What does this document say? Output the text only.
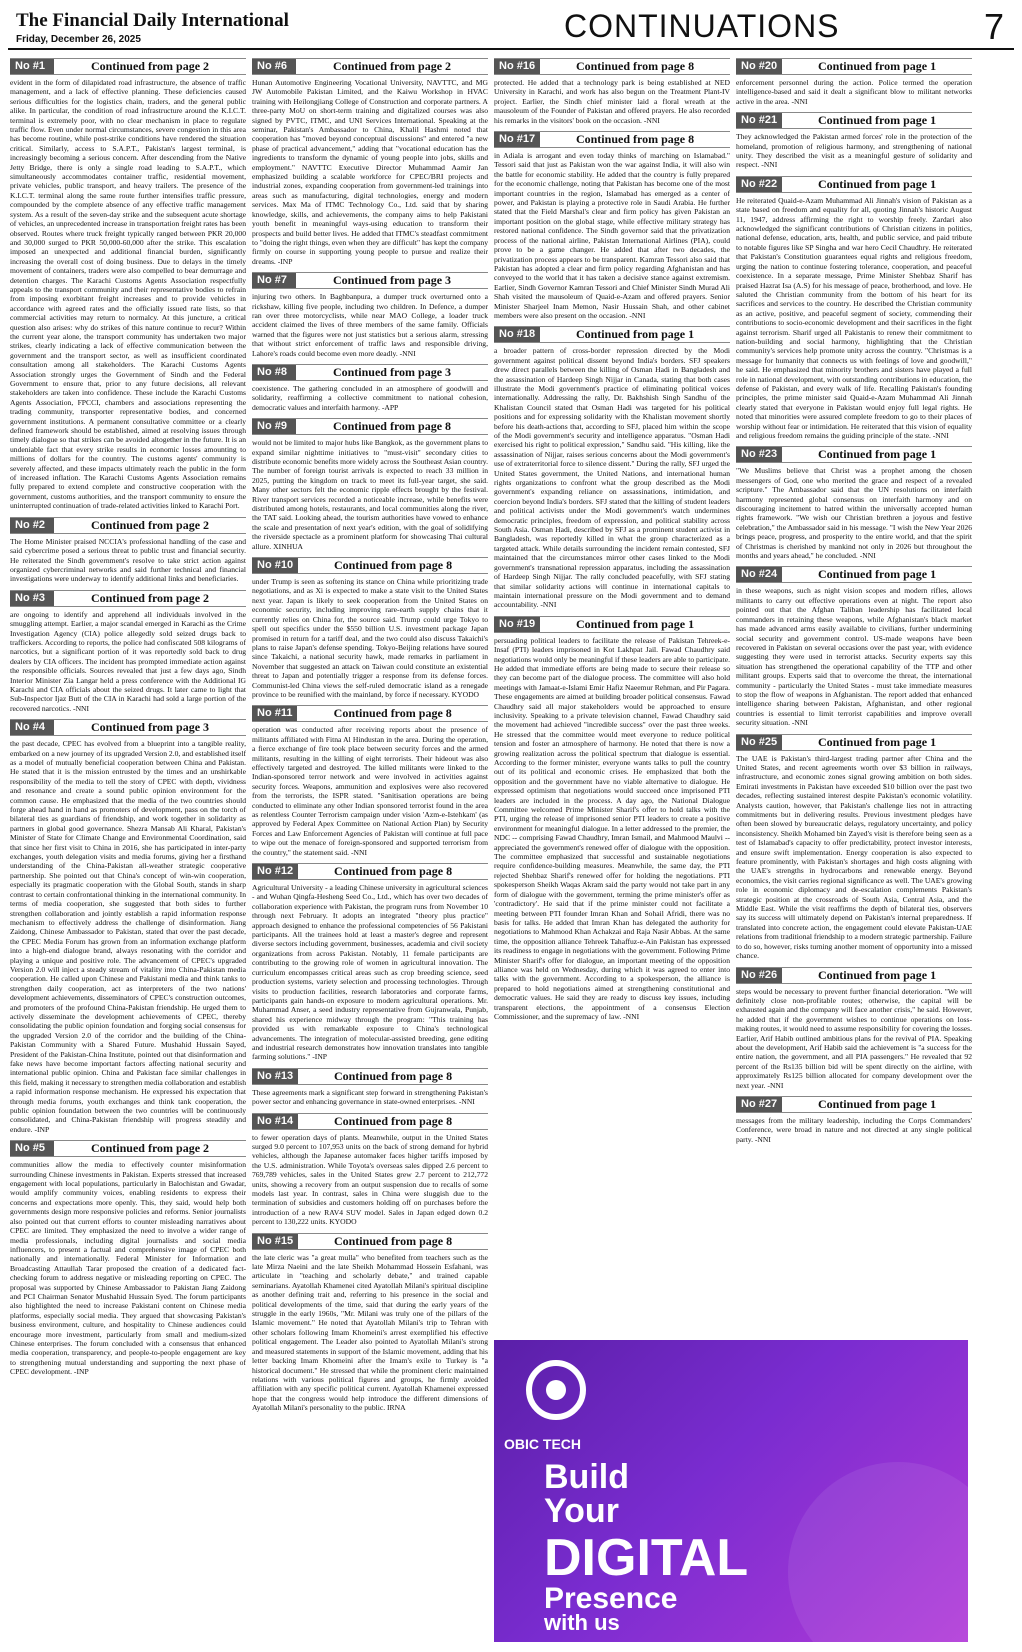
The Financial Daily International
Friday, December 26, 2025	CONTINUATIONS	7
No #1	Continued from page 2

evident in the form of dilapidated road infrastructure, the absence of traffic management, and a lack of effective planning. These deficiencies caused serious difficulties for the logistics chain, traders, and the general public alike. In particular, the condition of road infrastructure around the K.I.C.T. terminal is extremely poor, with no clear mechanism in place to regulate traffic flow. Even under normal circumstances, severe congestion in this area has become routine, while post-strike conditions have rendered the situation critical. Similarly, access to S.A.P.T., Pakistan's largest terminal, is increasingly becoming a serious concern. After descending from the Native Jetty Bridge, there is only a single road leading to S.A.P.T., which simultaneously accommodates container traffic, residential movement, private vehicles, public transport, and heavy trailers. The presence of the K.I.C.T. terminal along the same route further intensifies traffic pressure, compounded by the complete absence of any effective traffic management system. As a result of the seven-day strike and the subsequent acute shortage of vehicles, an unprecedented increase in transportation freight rates has been observed. Routes where truck freight typically ranged between PKR 20,000 and 30,000 surged to PKR 50,000-60,000 after the strike. This escalation imposed an unexpected and additional financial burden, significantly increasing the overall cost of doing business. Due to delays in the timely movement of containers, traders were also compelled to bear demurrage and detention charges. The Karachi Customs Agents Association respectfully appeals to the transport community and their representative bodies to refrain from imposing exorbitant freight increases and to provide vehicles in accordance with agreed rates and the officially issued rate lists, so that commercial activities may return to normalcy. At this juncture, a critical question also arises: why do strikes of this nature continue to recur? Within the current year alone, the transport community has undertaken two major strikes, clearly indicating a lack of effective communication between the government and the transport sector, as well as insufficient coordinated consultation among all stakeholders. The Karachi Customs Agents Association strongly urges the Government of Sindh and the Federal Government to ensure that, prior to any future decisions, all relevant stakeholders are taken into confidence. These include the Karachi Customs Agents Association, FPCCI, chambers and associations representing the trading community, transporter representative bodies, and concerned government institutions. A permanent consultative committee or a clearly defined framework should be established, aimed at resolving issues through timely dialogue so that strikes can be avoided altogether in the future. It is an undeniable fact that every strike results in economic losses amounting to millions of dollars for the country. The customs agents' community is severely affected, and these impacts ultimately reach the public in the form of increased inflation. The Karachi Customs Agents Association remains fully prepared to extend complete and constructive cooperation with the government, customs authorities, and the transport community to ensure the uninterrupted continuation of trade-related activities linked to Karachi Port.

No #2	Continued from page 2

The Home Minister praised NCCIA's professional handling of the case and said cybercrime posed a serious threat to public trust and financial security. He reiterated the Sindh government's resolve to take strict action against organized cybercriminal networks and said further technical and financial investigations were underway to identify additional links and beneficiaries.

No #3	Continued from page 2

are ongoing to identify and apprehend all individuals involved in the smuggling attempt. Earlier, a major scandal emerged in Karachi as the Crime Investigation Agency (CIA) police allegedly sold seized drugs back to traffickers. According to reports, the police had confiscated 508 kilograms of narcotics, but a significant portion of it was reportedly sold back to drug dealers by CIA officers. The incident has prompted immediate action against the responsible officials. Sources revealed that just a few days ago, Sindh Interior Minister Zia Langar held a press conference with the Additional IG Karachi and CIA officials about the seized drugs. It later came to light that Sub-Inspector Ijaz Butt of the CIA in Karachi had sold a large portion of the recovered narcotics. -NNI

No #4	Continued from page 3

the past decade, CPEC has evolved from a blueprint into a tangible reality, embarked on a new journey of its upgraded Version 2.0, and established itself as a model of mutually beneficial cooperation between China and Pakistan. He stated that it is the mission entrusted by the times and an unshirkable responsibility of the media to tell the story of CPEC with depth, vividness and resonance and create a sound public opinion environment for the common cause. He emphasized that the media of the two countries should forge ahead hand in hand as promoters of development, pass on the torch of bilateral ties as guardians of friendship, and work together in solidarity as partners in global good governance. Shezra Mansab Ali Kharal, Pakistan's Minister of State for Climate Change and Environmental Coordination, said that since her first visit to China in 2016, she has participated in inter-party exchanges, youth delegation visits and media forums, giving her a firsthand understanding of the China-Pakistan all-weather strategic cooperative partnership. She pointed out that China's concept of win-win cooperation, especially its pragmatic cooperation with the Global South, stands in sharp contrast to certain confrontational thinking in the international community. In terms of media cooperation, she suggested that both sides to further strengthen collaboration and jointly establish a rapid information response mechanism to effectively address the challenge of disinformation. Jiang Zaidong, Chinese Ambassador to Pakistan, stated that over the past decade, the CPEC Media Forum has grown from an information exchange platform into a high-end dialogue brand, always resonating with the corridor and playing a unique and positive role. The advancement of CPEC's upgraded Version 2.0 will inject a steady stream of vitality into China-Pakistan media cooperation. He called upon Chinese and Pakistani media and think tanks to strengthen daily cooperation, act as interpreters of the two nations' development achievements, disseminators of CPEC's construction outcomes, and promoters of the profound China-Pakistan friendship. He urged them to actively disseminate the development achievements of CPEC, thereby consolidating the public opinion foundation and forging social consensus for the upgraded Version 2.0 of the corridor and the building of the China-Pakistan Community with a Shared Future. Mushahid Hussain Sayed, President of the Pakistan-China Institute, pointed out that disinformation and fake news have become important factors affecting national security and international public opinion. China and Pakistan face similar challenges in this field, making it necessary to strengthen media collaboration and establish a rapid information response mechanism. He expressed his expectation that through media forums, youth exchanges and think tank cooperation, the public opinion foundation between the two countries will be continuously consolidated, and China-Pakistan friendship will progress steadily and endure. -INP

No #5	Continued from page 2

communities allow the media to effectively counter misinformation surrounding Chinese investments in Pakistan. Experts stressed that increased engagement with local populations, particularly in Balochistan and Gwadar, would amplify community voices, enabling residents to express their concerns and expectations more openly. This, they said, would help both governments design more responsive policies and reforms. Senior journalists also pointed out that current efforts to counter misleading narratives about CPEC are limited. They emphasized the need to involve a wider range of media professionals, including digital journalists and social media influencers, to present a factual and comprehensive image of CPEC both nationally and internationally. Federal Minister for Information and Broadcasting Attaullah Tarar proposed the creation of a dedicated fact-checking forum to address negative or misleading reporting on CPEC. The proposal was supported by Chinese Ambassador to Pakistan Jiang Zaidong and PCI Chairman Senator Mushahid Hussain Syed. The forum participants also highlighted the need to increase Pakistani content on Chinese media platforms, especially social media. They argued that showcasing Pakistan's business environment, culture, and hospitality to Chinese audiences could encourage more investment, particularly from small and medium-sized Chinese enterprises. The forum concluded with a consensus that enhanced media cooperation, transparency, and people-to-people engagement are key to strengthening mutual understanding and supporting the next phase of CPEC development. -INP

No #6	Continued from page 2

Hunan Automotive Engineering Vocational University, NAVTTC, and MG JW Automobile Pakistan Limited, and the Kaiwu Workshop in HVAC training with Heilongjiang College of Construction and corporate partners. A three-party MoU on short-term training and digitalized courses was also signed by PVTC, ITMC, and UNI Services International. Speaking at the seminar, Pakistan's Ambassador to China, Khalil Hashmi noted that cooperation has "moved beyond conceptual discussions" and entered "a new phase of practical advancement," adding that "vocational education has the ingredients to transform the dynamic of young people into jobs, skills and employment." NAVTTC Executive Director Muhammad Aamir Jan emphasized building a scalable workforce for CPEC/BRI projects and industrial zones, expanding cooperation from government-led trainings into areas such as manufacturing, digital technologies, energy and modern services. Max Ma of ITMC Technology Co., Ltd. said that by sharing knowledge, skills, and achievements, the company aims to help Pakistani youth benefit in meaningful ways-using education to transform their prospects and build better lives. He added that ITMC's steadfast commitment to "doing the right things, even when they are difficult" has kept the company firmly on course in supporting young people to pursue and realize their dreams. -INP

No #7	Continued from page 3

injuring two others. In Baghbanpura, a dumper truck overturned onto a rickshaw, killing five people, including two children. In Defence, a dumper ran over three motorcyclists, while near MAO College, a loader truck accident claimed the lives of three members of the same family. Officials warned that the figures were not just statistics but a serious alarm, stressing that without strict enforcement of traffic laws and responsible driving, Lahore's roads could become even more deadly. -NNI

No #8	Continued from page 3

coexistence. The gathering concluded in an atmosphere of goodwill and solidarity, reaffirming a collective commitment to national cohesion, democratic values and interfaith harmony. -APP

No #9	Continued from page 8

would not be limited to major hubs like Bangkok, as the government plans to expand similar nighttime initiatives to "must-visit" secondary cities to distribute economic benefits more widely across the Southeast Asian country. The number of foreign tourist arrivals is expected to reach 33 million in 2025, putting the kingdom on track to meet its full-year target, she said. Many other sectors felt the economic ripple effects brought by the festival. River transport services recorded a noticeable increase, while benefits were distributed among hotels, restaurants, and local communities along the river, the TAT said. Looking ahead, the tourism authorities have vowed to enhance the scale and presentation of next year's edition, with the goal of solidifying the riverside spectacle as a prominent platform for showcasing Thai cultural allure. XINHUA

No #10	Continued from page 8

under Trump is seen as softening its stance on China while prioritizing trade negotiations, and as Xi is expected to make a state visit to the United States next year. Japan is likely to seek cooperation from the United States on economic security, including improving rare-earth supply chains that it currently relies on China for, the source said. Trump could urge Tokyo to spell out specifics under the $550 billion U.S. investment package Japan promised in return for a tariff deal, and the two could also discuss Takaichi's plans to raise Japan's defense spending. Tokyo-Beijing relations have soured since Takaichi, a national security hawk, made remarks in parliament in November that suggested an attack on Taiwan could constitute an existential threat to Japan and potentially trigger a response from its defense forces. Communist-led China views the self-ruled democratic island as a renegade province to be reunified with the mainland, by force if necessary. KYODO

No #11	Continued from page 8

operation was conducted after receiving reports about the presence of militants affiliated with Fitna Al Hindustan in the area. During the operation, a fierce exchange of fire took place between security forces and the armed militants, resulting in the killing of eight terrorists. Their hideout was also effectively targeted and destroyed. The killed militants were linked to the Indian-sponsored terror network and were involved in activities against security forces. Weapons, ammunition and explosives were also recovered from the terrorists, the ISPR stated. "Sanitisation operations are being conducted to eliminate any other Indian sponsored terrorist found in the area as relentless Counter Terrorism campaign under vision 'Azm-e-Istehkam' (as approved by Federal Apex Committee on National Action Plan) by Security Forces and Law Enforcement Agencies of Pakistan will continue at full pace to wipe out the menace of foreign-sponsored and supported terrorism from the country," the statement said. -NNI

No #12	Continued from page 8

Agricultural University - a leading Chinese university in agricultural sciences - and Wuhan Qingfa-Hesheng Seed Co., Ltd., which has over two decades of collaboration experience with Pakistan, the program runs from November 10 through next February. It adopts an integrated "theory plus practice" approach designed to enhance the professional competencies of 56 Pakistani participants. All the trainees hold at least a master's degree and represent diverse sectors including government, businesses, academia and civil society organizations from across Pakistan. Notably, 11 female participants are contributing to the growing role of women in agricultural innovation. The curriculum encompasses critical areas such as crop breeding science, seed production systems, variety selection and processing technologies. Through visits to production facilities, research laboratories and corporate farms, participants gain hands-on exposure to modern agricultural operations. Mr. Muhammad Anser, a seed industry representative from Gujranwala, Punjab, shared his experience midway through the program: "This training has provided us with remarkable exposure to China's technological advancements. The integration of molecular-assisted breeding, gene editing and industrial research demonstrates how innovation translates into tangible farming solutions." -INP

No #13	Continued from page 8

These agreements mark a significant step forward in strengthening Pakistan's power sector and enhancing governance in state-owned enterprises. -NNI

No #14	Continued from page 8

to fewer operation days of plants. Meanwhile, output in the United States surged 9.0 percent to 107,953 units on the back of strong demand for hybrid vehicles, although the Japanese automaker faces higher tariffs imposed by the U.S. administration. While Toyota's overseas sales dipped 2.6 percent to 769,789 vehicles, sales in the United States grew 2.7 percent to 212,772 units, showing a recovery from an output suspension due to recalls of some models last year. In contrast, sales in China were sluggish due to the termination of subsidies and customers holding off on purchases before the introduction of a new RAV4 SUV model. Sales in Japan edged down 0.2 percent to 130,222 units. KYODO

No #15	Continued from page 8

the late cleric was "a great mulla" who benefited from teachers such as the late Mirza Naeini and the late Sheikh Mohammad Hossein Esfahani, was articulate in "teaching and scholarly debate," and trained capable seminarians. Ayatollah Khamenei cited Ayatollah Milani's spiritual discipline as another defining trait and, referring to his presence in the social and political developments of the time, said that during the early years of the struggle in the early 1960s, "Mr. Milani was truly one of the pillars of the Islamic movement." He noted that Ayatollah Milani's trip to Tehran with other scholars following Imam Khomeini's arrest exemplified his effective political engagement. The Leader also pointed to Ayatollah Milani's strong and measured statements in support of the Islamic movement, adding that his letter backing Imam Khomeini after the Imam's exile to Turkey is "a historical document." He stressed that while the prominent cleric maintained relations with various political figures and groups, he firmly avoided affiliation with any specific political current. Ayatollah Khamenei expressed hope that the congress would help introduce the different dimensions of Ayatollah Milani's personality to the public. IRNA

No #16	Continued from page 8

protected. He added that a technology park is being established at NED University in Karachi, and work has also begun on the Treatment Plant-IV project. Earlier, the Sindh chief minister laid a floral wreath at the mausoleum of the Founder of Pakistan and offered prayers. He also recorded his remarks in the visitors' book on the occasion. -NNI

No #17	Continued from page 8

in Adiala is arrogant and even today thinks of marching on Islamabad." Tessori said that just as Pakistan won the war against India, it will also win the battle for economic stability. He added that the country is fully prepared for the economic challenge, noting that Pakistan has become one of the most important countries in the region, Islamabad has emerged as a center of power, and Pakistan is playing a protective role in Saudi Arabia. He further stated that the Field Marshal's clear and firm policy has given Pakistan an important position on the global stage, while effective military strategy has restored national confidence. The Sindh governor said that the privatization process of the national airline, Pakistan International Airlines (PIA), could prove to be a game changer. He added that after two decades, the privatization process appears to be transparent. Kamran Tessori also said that Pakistan has adopted a clear and firm policy regarding Afghanistan and has conveyed to the world that it has taken a decisive stance against extremism. Earlier, Sindh Governor Kamran Tessori and Chief Minister Sindh Murad Ali Shah visited the mausoleum of Quaid-e-Azam and offered prayers. Senior Minister Sharjeel Inam Memon, Nasir Hussain Shah, and other cabinet members were also present on the occasion. -NNI

No #18	Continued from page 1

a broader pattern of cross-border repression directed by the Modi government against political dissent beyond India's borders. SFJ speakers drew direct parallels between the killing of Osman Hadi in Bangladesh and the assassination of Hardeep Singh Nijjar in Canada, stating that both cases illustrate the Modi government's practice of eliminating political voices internationally. Addressing the rally, Dr. Bakhshish Singh Sandhu of the Khalistan Council stated that Osman Hadi was targeted for his political positions and for expressing solidarity with the Khalistan movement shortly before his death-actions that, according to SFJ, placed him within the scope of the Modi government's security and intelligence apparatus. "Osman Hadi exercised his right to political expression," Sandhu said. "His killing, like the assassination of Nijjar, raises serious concerns about the Modi government's use of extraterritorial force to silence dissent." During the rally, SFJ urged the United States government, the United Nations, and international human rights organizations to confront what the group described as the Modi government's expanding reliance on assassinations, intimidation, and coercion beyond India's borders. SFJ stated that the killing of student leaders and political activists under the Modi government's watch undermines democratic principles, freedom of expression, and political stability across South Asia. Osman Hadi, described by SFJ as a prominent student activist in Bangladesh, was reportedly killed in what the group characterized as a targeted attack. While details surrounding the incident remain contested, SFJ maintained that the circumstances mirror other cases linked to the Modi government's transnational repression apparatus, including the assassination of Hardeep Singh Nijjar. The rally concluded peacefully, with SFJ stating that similar solidarity actions will continue in international capitals to maintain international pressure on the Modi government and to demand accountability. -NNI

No #19	Continued from page 1

persuading political leaders to facilitate the release of Pakistan Tehreek-e-Insaf (PTI) leaders imprisoned in Kot Lakhpat Jail. Fawad Chaudhry said negotiations would only be meaningful if these leaders are able to participate. He added that immediate efforts are being made to secure their release so they can become part of the dialogue process. The committee will also hold meetings with Jamaat-e-Islami Emir Hafiz Naeemur Rehman, and Pir Pagara. These engagements are aimed at building broader political consensus. Fawad Chaudhry said all major stakeholders would be approached to ensure inclusivity. Speaking to a private television channel, Fawad Chaudhry said the movement had achieved "incredible success" over the past three weeks. He stressed that the committee would meet everyone to reduce political tension and foster an atmosphere of harmony. He noted that there is now a growing realization across the political spectrum that dialogue is essential. According to the former minister, everyone wants talks to pull the country out of its political and economic crises. He emphasized that both the opposition and the government have no viable alternative to dialogue. He expressed optimism that negotiations would succeed once imprisoned PTI leaders are included in the process. A day ago, the National Dialogue Committee welcomed Prime Minister Sharif's offer to hold talks with the PTI, urging the release of imprisoned senior PTI leaders to create a positive environment for meaningful dialogue. In a letter addressed to the premier, the NDC -- comprising Fawad Chaudhry, Imran Ismail, and Mahmood Maulvi -- appreciated the government's renewed offer of dialogue with the opposition. The committee emphasized that successful and sustainable negotiations require confidence-building measures. Meanwhile, the same day, the PTI rejected Shehbaz Sharif's renewed offer for holding the negotiations. PTI spokesperson Sheikh Waqas Akram said the party would not take part in any form of dialogue with the government, terming the prime minister's offer as 'contradictory'. He said that if the prime minister could not facilitate a meeting between PTI founder Imran Khan and Sohail Afridi, there was no basis for talks. He added that Imran Khan has delegated the authority for negotiations to Mahmood Khan Achakzai and Raja Nasir Abbas. At the same time, the opposition alliance Tehreek Tahaffuz-e-Ain Pakistan has expressed its readiness to engage in negotiations with the government. Following Prime Minister Sharif's offer for dialogue, an important meeting of the opposition alliance was held on Wednesday, during which it was agreed to enter into talks with the government. According to a spokesperson, the alliance is prepared to hold negotiations aimed at strengthening constitutional and democratic values. He said they are ready to discuss key issues, including transparent elections, the appointment of a consensus Election Commissioner, and the supremacy of law. -NNI

No #20	Continued from page 1

enforcement personnel during the action. Police termed the operation intelligence-based and said it dealt a significant blow to militant networks active in the area. -NNI

No #21	Continued from page 1

They acknowledged the Pakistan armed forces' role in the protection of the homeland, promotion of religious harmony, and strengthening of national unity. They described the visit as a meaningful gesture of solidarity and respect. -NNI

No #22	Continued from page 1

He reiterated Quaid-e-Azam Muhammad Ali Jinnah's vision of Pakistan as a state based on freedom and equality for all, quoting Jinnah's historic August 11, 1947, address affirming the right to worship freely. Zardari also acknowledged the significant contributions of Christian citizens in politics, national defense, education, arts, health, and public service, and paid tribute to notable figures like SP Singha and war hero Cecil Chaudhry. He reiterated that Pakistan's Constitution guarantees equal rights and religious freedom, urging the nation to continue fostering tolerance, cooperation, and peaceful coexistence. In a separate message, Prime Minister Shehbaz Sharif has praised Hazrat Isa (A.S) for his message of peace, brotherhood, and love. He saluted the Christian community from the bottom of his heart for its sacrifices and services to the country. He described the Christian community as an active, positive, and peaceful segment of society, commending their contributions to socio-economic development and their sacrifices in the fight against terrorism. Sharif urged all Pakistanis to renew their commitment to nation-building and social harmony, highlighting that the Christian community's services help promote unity across the country. "Christmas is a message for humanity that connects us with feelings of love and goodwill," he said. He emphasized that minority brothers and sisters have played a full role in national development, with outstanding contributions in education, the defense of Pakistan, and every walk of life. Recalling Pakistan's founding principles, the prime minister said Quaid-e-Azam Muhammad Ali Jinnah clearly stated that everyone in Pakistan would enjoy full legal rights. He noted that minorities were assured complete freedom to go to their places of worship without fear or intimidation. He reiterated that this vision of equality and religious freedom remains the guiding principle of the state. -NNI

No #23	Continued from page 1

"We Muslims believe that Christ was a prophet among the chosen messengers of God, one who merited the grace and respect of a revealed scripture." The Ambassador said that the UN resolutions on interfaith harmony represented global consensus on interfaith harmony and on discouraging incitement to hatred within the universally accepted human rights framework. "We wish our Christian brethren a joyous and festive celebration," the Ambassador said in his message. "I wish the New Year 2026 brings peace, progress, and prosperity to the entire world, and that the spirit of Christmas is cherished by mankind not only in 2026 but throughout the months and years ahead," he concluded. -NNI

No #24	Continued from page 1

in these weapons, such as night vision scopes and modern rifles, allows militants to carry out effective operations even at night. The report also pointed out that the Afghan Taliban leadership has facilitated local commanders in retaining these weapons, while Afghanistan's black market has made advanced arms easily available to civilians, further undermining social security and government control. US-made weapons have been recovered in Pakistan on several occasions over the past year, with evidence suggesting they were used in terrorist attacks. Security experts say this situation has strengthened the operational capability of the TTP and other militant groups. Experts said that to overcome the threat, the international community - particularly the United States - must take immediate measures to stop the flow of weapons in Afghanistan. The report added that enhanced intelligence sharing between Pakistan, Afghanistan, and other regional countries is essential to limit terrorist capabilities and improve overall security situation. -NNI

No #25	Continued from page 1

The UAE is Pakistan's third-largest trading partner after China and the United States, and recent agreements worth over $3 billion in railways, infrastructure, and economic zones signal growing ambition on both sides. Emirati investments in Pakistan have exceeded $10 billion over the past two decades, reflecting sustained interest despite Pakistan's economic volatility. Analysts caution, however, that Pakistan's challenge lies not in attracting commitments but in delivering results. Previous investment pledges have often been slowed by bureaucratic delays, regulatory uncertainty, and policy inconsistency. Sheikh Mohamed bin Zayed's visit is therefore being seen as a test of Islamabad's capacity to offer predictability, protect investor interests, and ensure swift implementation. Energy cooperation is also expected to feature prominently, with Pakistan's shortages and high costs aligning with the UAE's strengths in hydrocarbons and renewable energy. Beyond economics, the visit carries regional significance as well. The UAE's growing role in economic diplomacy and de-escalation complements Pakistan's strategic position at the crossroads of South Asia, Central Asia, and the Middle East. While the visit reaffirms the depth of bilateral ties, observers say its success will ultimately depend on Pakistan's internal preparedness. If translated into concrete action, the engagement could elevate Pakistan-UAE relations from traditional friendship to a modern strategic partnership. Failure to do so, however, risks turning another moment of opportunity into a missed chance.

No #26	Continued from page 1

steps would be necessary to prevent further financial deterioration. "We will definitely close non-profitable routes; otherwise, the capital will be exhausted again and the company will face another crisis," he said. However, he added that if the government wishes to continue operations on loss-making routes, it would need to assume responsibility for covering the losses. Earlier, Arif Habib outlined ambitious plans for the revival of PIA. Speaking about the development, Arif Habib said the achievement is "a success for the entire nation, the government, and all PIA passengers." He revealed that 92 percent of the Rs135 billion bid will be spent directly on the airline, with approximately Rs125 billion allocated for company development over the next year. -NNI

No #27	Continued from page 1

messages from the military leadership, including the Corps Commanders' Conference, were broad in nature and not directed at any single political party. -NNI

OBIC TECH
Build
Your
DIGITAL
Presence
with us
